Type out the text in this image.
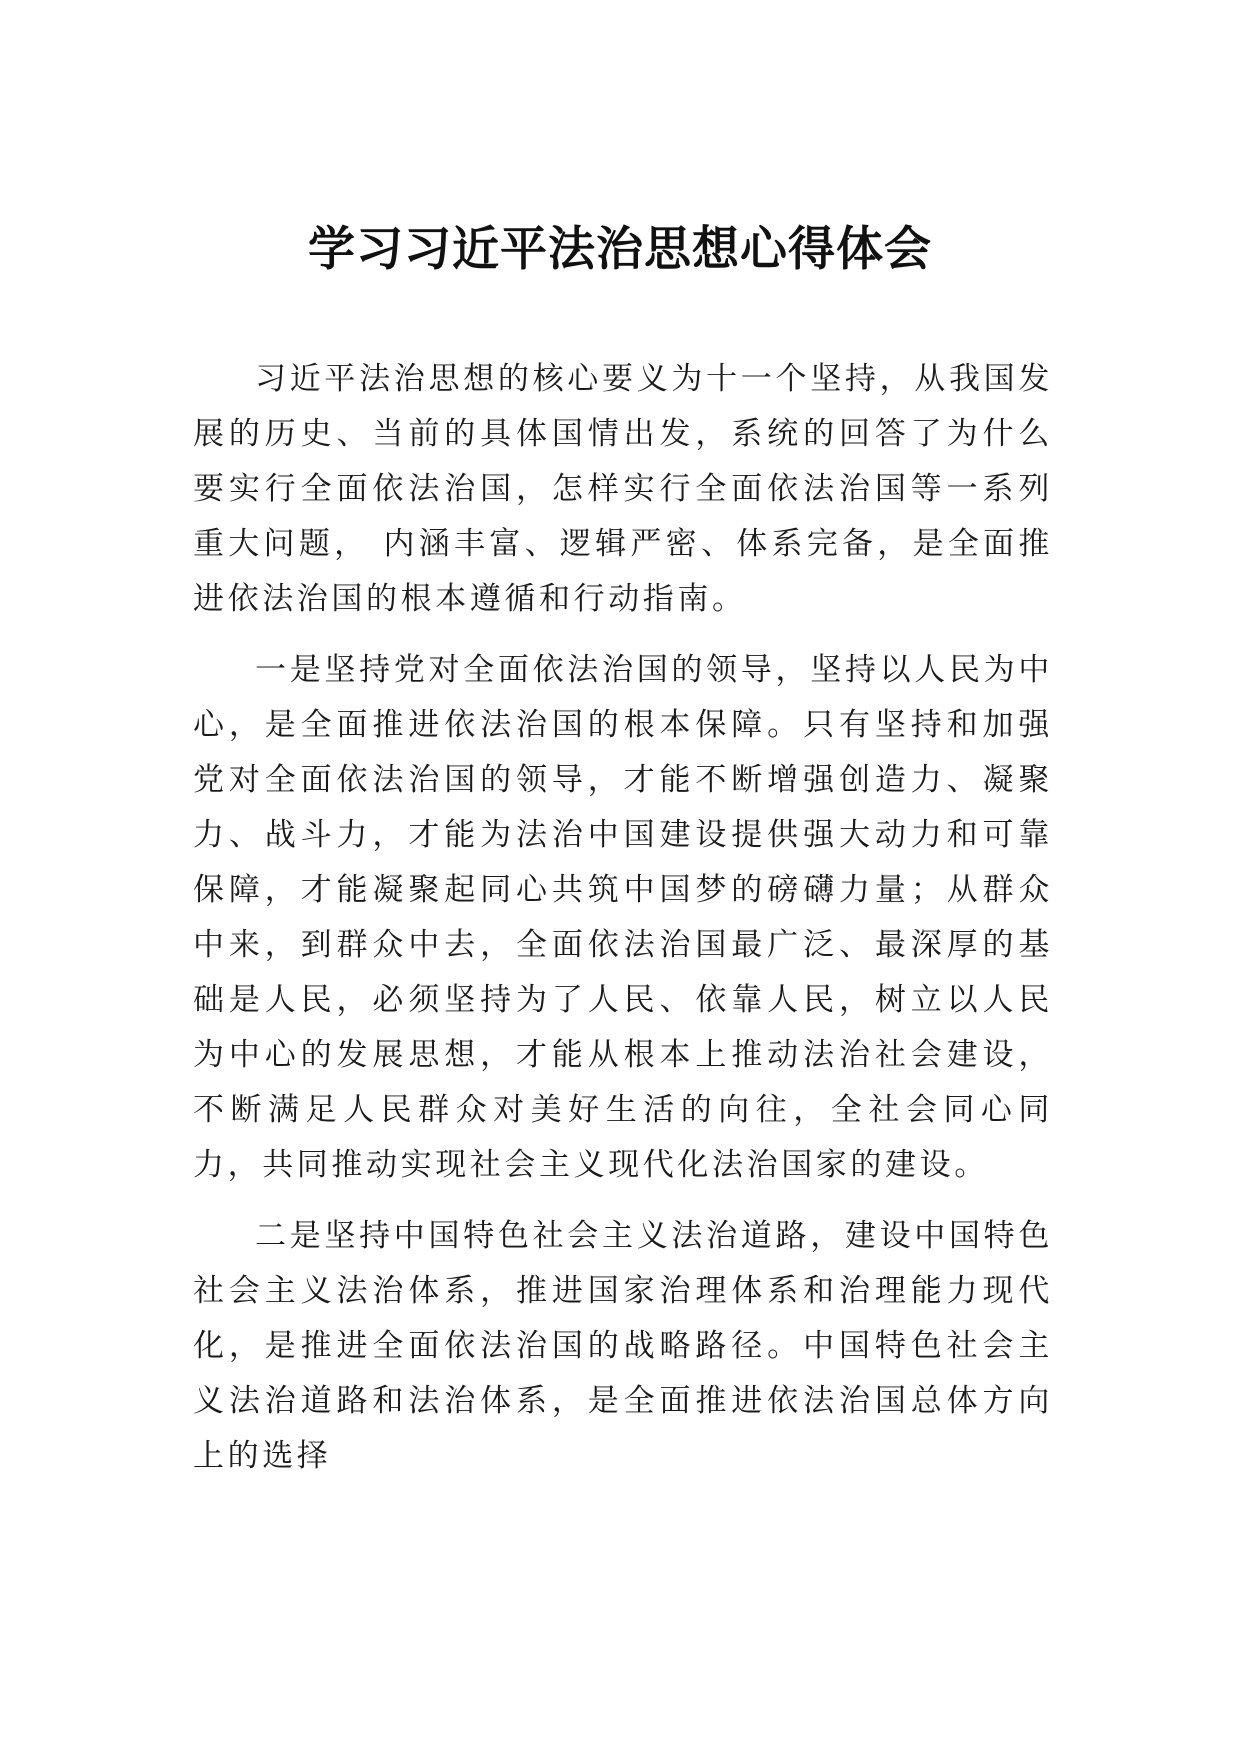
学习习近平法治思想心得体会

习近平法治思想的核心要义为十一个坚持，从我国发展的历史、当前的具体国情出发，系统的回答了为什么要实行全面依法治国，怎样实行全面依法治国等一系列重大问题， 内涵丰富、逻辑严密、体系完备，是全面推进依法治国的根本遵循和行动指南。

一是坚持党对全面依法治国的领导，坚持以人民为中心，是全面推进依法治国的根本保障。只有坚持和加强党对全面依法治国的领导，才能不断增强创造力、凝聚力、战斗力，才能为法治中国建设提供强大动力和可靠保障，才能凝聚起同心共筑中国梦的磅礴力量；从群众中来，到群众中去，全面依法治国最广泛、最深厚的基础是人民，必须坚持为了人民、依靠人民，树立以人民为中心的发展思想，才能从根本上推动法治社会建设，不断满足人民群众对美好生活的向往，全社会同心同力，共同推动实现社会主义现代化法治国家的建设。

二是坚持中国特色社会主义法治道路，建设中国特色社会主义法治体系，推进国家治理体系和治理能力现代化，是推进全面依法治国的战略路径。中国特色社会主义法治道路和法治体系，是全面推进依法治国总体方向上的选择
